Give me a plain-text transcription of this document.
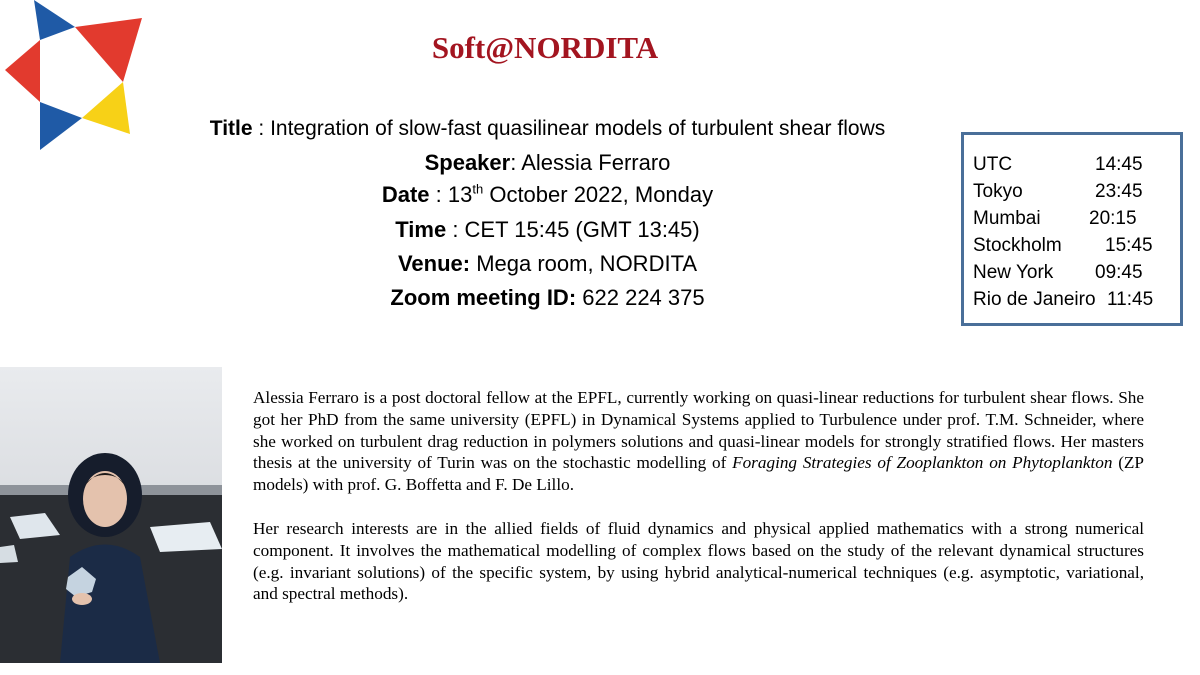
Soft@NORDITA
Title : Integration of slow-fast quasilinear models of turbulent shear flows
Speaker: Alessia Ferraro
Date : 13th October 2022, Monday
Time : CET 15:45 (GMT 13:45)
Venue: Mega room, NORDITA
Zoom meeting ID: 622 224 375
UTC	14:45
Tokyo	23:45
Mumbai	20:15
Stockholm 15:45
New York 09:45
Rio de Janeiro 11:45

Alessia Ferraro is a post doctoral fellow at the EPFL, currently working on quasi-linear reductions for turbulent shear flows. She got her PhD from the same university (EPFL) in Dynamical Systems applied to Turbulence under prof. T.M. Schneider, where she worked on turbulent drag reduction in polymers solutions and quasi-linear models for strongly stratified flows. Her masters thesis at the university of Turin was on the stochastic modelling of Foraging Strategies of Zooplankton on Phytoplankton (ZP models) with prof. G. Boffetta and F. De Lillo.

Her research interests are in the allied fields of fluid dynamics and physical applied mathematics with a strong numerical component. It involves the mathematical modelling of complex flows based on the study of the relevant dynamical structures (e.g. invariant solutions) of the specific system, by using hybrid analytical-numerical techniques (e.g. asymptotic, variational, and spectral methods).
